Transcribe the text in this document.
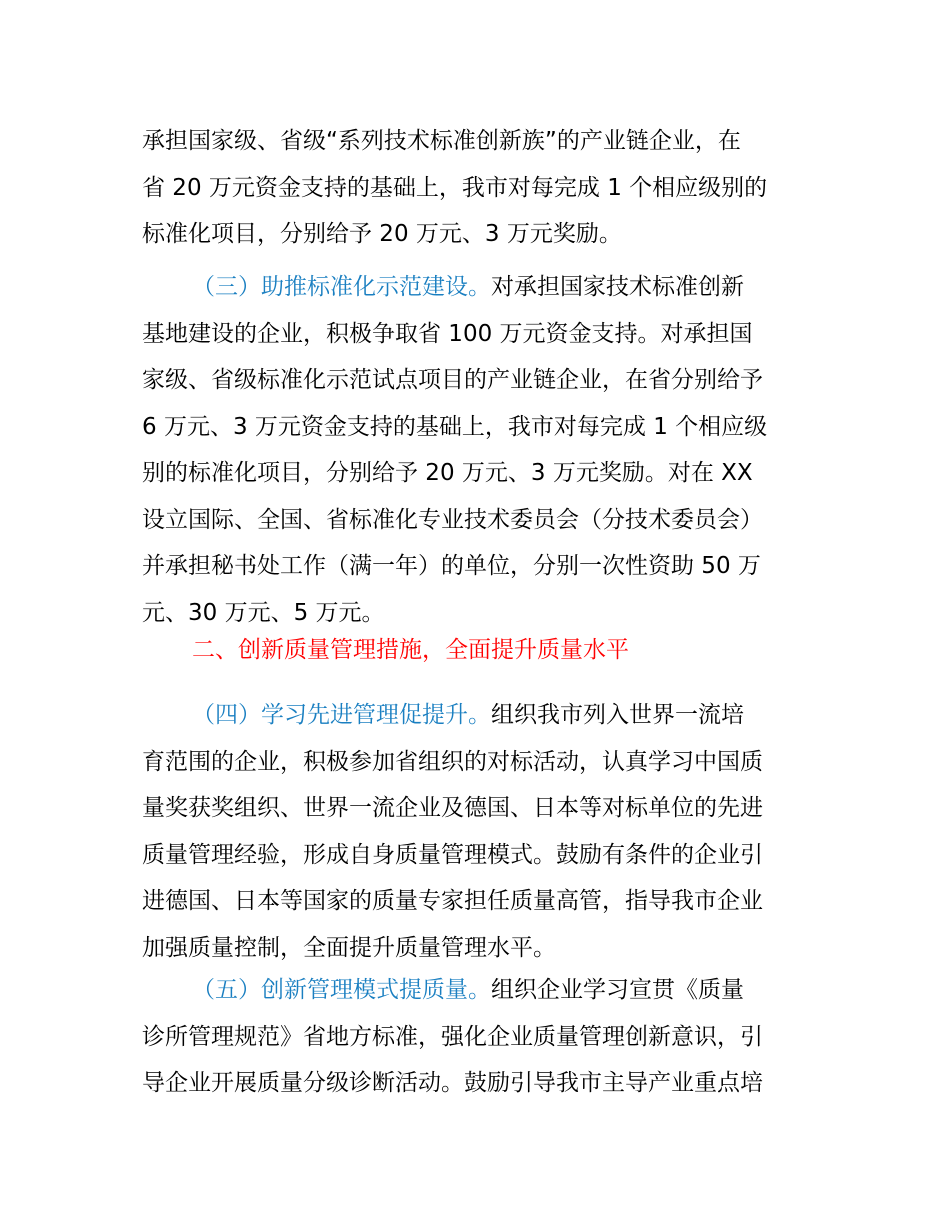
承担国家级、省级“系列技术标准创新族”的产业链企业，在
省 20 万元资金支持的基础上，我市对每完成 1 个相应级别的
标准化项目，分别给予 20 万元、3 万元奖励。
（三）助推标准化示范建设。对承担国家技术标准创新
基地建设的企业，积极争取省 100 万元资金支持。对承担国
家级、省级标准化示范试点项目的产业链企业，在省分别给予
6 万元、3 万元资金支持的基础上，我市对每完成 1 个相应级
别的标准化项目，分别给予 20 万元、3 万元奖励。对在 XX
设立国际、全国、省标准化专业技术委员会（分技术委员会）
并承担秘书处工作（满一年）的单位，分别一次性资助 50 万
元、30 万元、5 万元。
二、创新质量管理措施，全面提升质量水平
（四）学习先进管理促提升。组织我市列入世界一流培
育范围的企业，积极参加省组织的对标活动，认真学习中国质
量奖获奖组织、世界一流企业及德国、日本等对标单位的先进
质量管理经验，形成自身质量管理模式。鼓励有条件的企业引
进德国、日本等国家的质量专家担任质量高管，指导我市企业
加强质量控制，全面提升质量管理水平。
（五）创新管理模式提质量。组织企业学习宣贯《质量
诊所管理规范》省地方标准，强化企业质量管理创新意识，引
导企业开展质量分级诊断活动。鼓励引导我市主导产业重点培
